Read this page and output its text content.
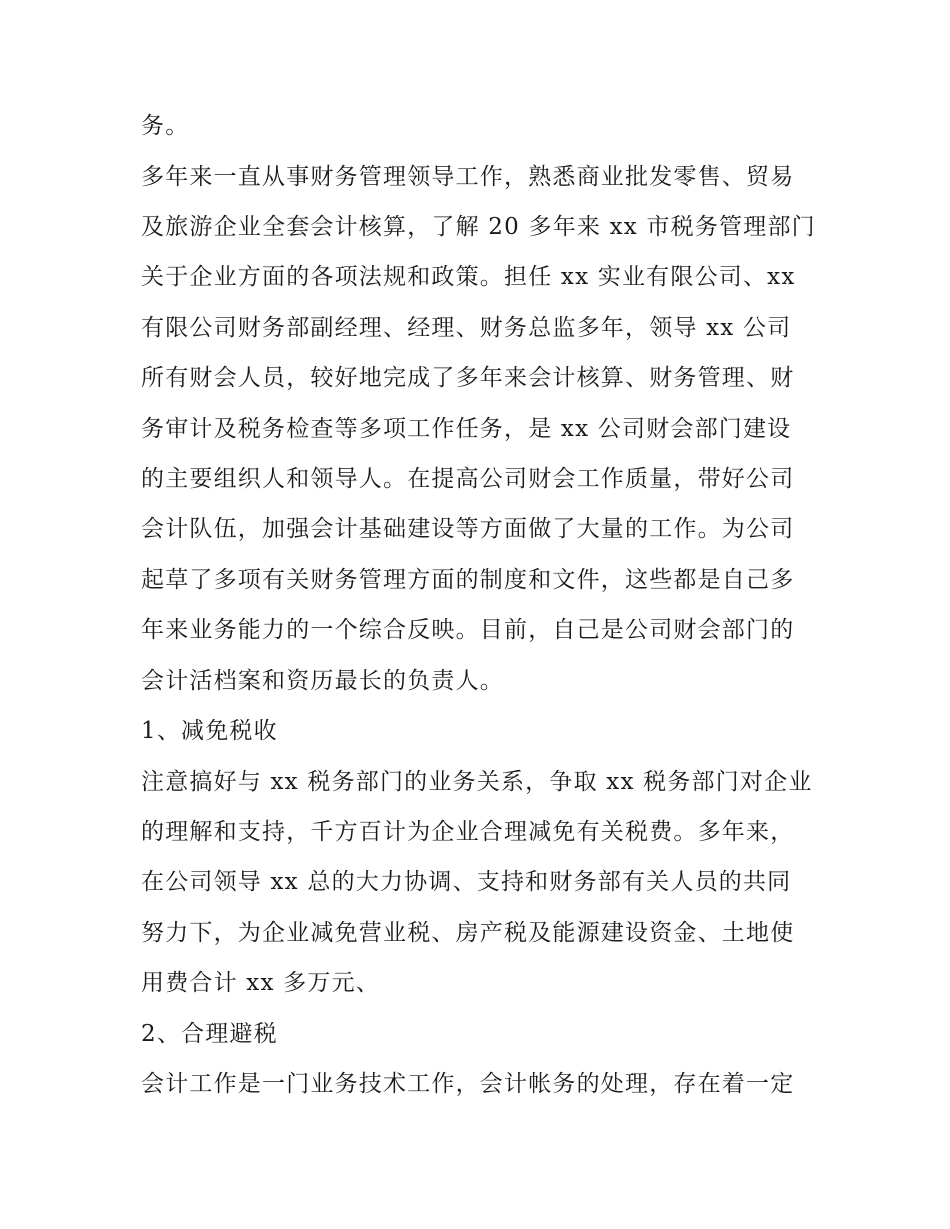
务。
多年来一直从事财务管理领导工作，熟悉商业批发零售、贸易
及旅游企业全套会计核算，了解 20 多年来 xx 市税务管理部门
关于企业方面的各项法规和政策。担任 xx 实业有限公司、xx
有限公司财务部副经理、经理、财务总监多年，领导 xx 公司
所有财会人员，较好地完成了多年来会计核算、财务管理、财
务审计及税务检查等多项工作任务，是 xx 公司财会部门建设
的主要组织人和领导人。在提高公司财会工作质量，带好公司
会计队伍，加强会计基础建设等方面做了大量的工作。为公司
起草了多项有关财务管理方面的制度和文件，这些都是自己多
年来业务能力的一个综合反映。目前，自己是公司财会部门的
会计活档案和资历最长的负责人。
1、减免税收
注意搞好与 xx 税务部门的业务关系，争取 xx 税务部门对企业
的理解和支持，千方百计为企业合理减免有关税费。多年来，
在公司领导 xx 总的大力协调、支持和财务部有关人员的共同
努力下，为企业减免营业税、房产税及能源建设资金、土地使
用费合计 xx 多万元、
2、合理避税
会计工作是一门业务技术工作，会计帐务的处理，存在着一定
